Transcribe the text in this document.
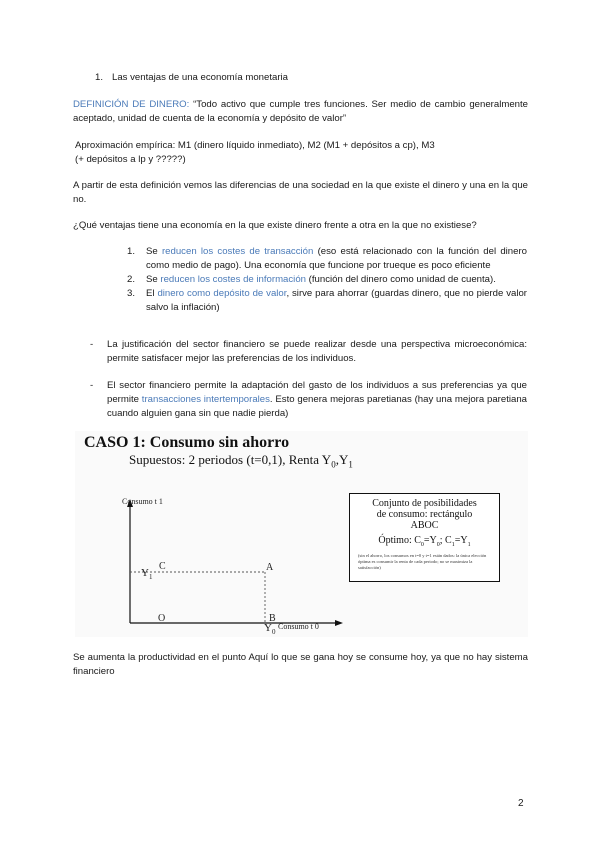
1. Las ventajas de una economía monetaria
DEFINICIÓN DE DINERO: “Todo activo que cumple tres funciones. Ser medio de cambio generalmente aceptado, unidad de cuenta de la economía y depósito de valor”
Aproximación empírica: M1 (dinero líquido inmediato), M2 (M1 + depósitos a cp), M3
(+ depósitos a lp y ?????)
A partir de esta definición vemos las diferencias de una sociedad en la que existe el dinero y una en la que no.
¿Qué ventajas tiene una economía en la que existe dinero frente a otra en la que no existiese?
1. Se reducen los costes de transacción (eso está relacionado con la función del dinero como medio de pago). Una economía que funcione por trueque es poco eficiente
2. Se reducen los costes de información (función del dinero como unidad de cuenta).
3. El dinero como depósito de valor, sirve para ahorrar (guardas dinero, que no pierde valor salvo la inflación)
- La justificación del sector financiero se puede realizar desde una perspectiva microeconómica: permite satisfacer mejor las preferencias de los individuos.
- El sector financiero permite la adaptación del gasto de los individuos a sus preferencias ya que permite transacciones intertemporales. Esto genera mejoras paretianas (hay una mejora paretiana cuando alguien gana sin que nadie pierda)
CASO 1: Consumo sin ahorro
Supuestos: 2 periodos (t=0,1), Renta $Y_0,Y_1$
Consumo t 1
Consumo t 0
$Y_1$
$Y_0$
C	A
O	B
Conjunto de posibilidades
de consumo: rectángulo
ABOC
Óptimo: $C_0=Y_0$; $C_1=Y_1$
(sin el ahorro, los consumos en t=0 y t=1 están dados: la única elección óptima es consumir la renta de cada periodo; no se maximiza la satisfacción)
Se aumenta la productividad en el punto Aquí lo que se gana hoy se consume hoy, ya que no hay sistema financiero
2
